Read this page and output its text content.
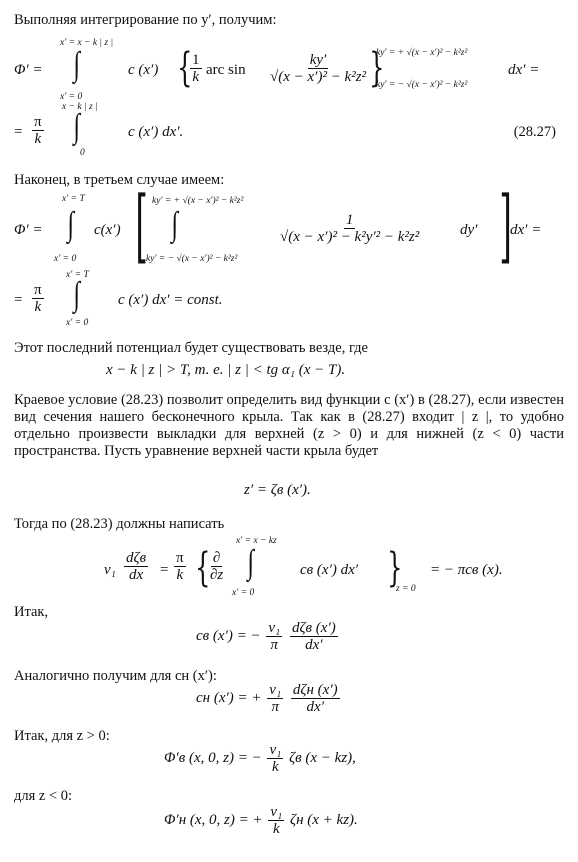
Выполняя интегрирование по y′, получим:
Φ′ =
x′ = x − k | z |
∫
x′ = 0
c (x′) {
$\frac{1}{k}$ arc $\sin \frac{ky'}{\text{√(x − x′)² − k²z²}}$ }
ky′ = + √(x − x′)² − k²z²
ky′ = − √(x − x′)² − k²z²
dx′ =
= $\frac{\pi}{k}$
x − k | z |
∫
0
c (x′) dx′.	(28.27)
Наконец, в третьем случае имеем:
Φ′ =
x′ = T
∫
x′ = 0
c(x′) [ ky′ = + √(x − x′)² − k²z²
∫
ky′ = − √(x − x′)² − k²z²
$\frac{1}{\text{√(x − x′)² − k²y′² − k²z²}}$	dy′ ]
dx′ =
= $\frac{\pi}{k}$
x′ = T
∫
x′ = 0
c (x′) dx′ = const.
Этот последний потенциал будет существовать везде, где
x − k | z | > T, т. е. | z | < tg α₁ (x − T).
Краевое условие (28.23) позволит определить вид функции c (x′) в (28.27), если известен вид сечения нашего бесконечного крыла. Так как в (28.27) входит | z |, то удобно отдельно произвести выкладки для верхней (z > 0) и для нижней (z < 0) части пространства. Пусть уравнение верхней части крыла будет
z′ = ζв (x′).
Тогда по (28.23) должны написать
$v_1 \frac{\text{dζв}}{dx} = \frac{\pi}{k}$ {
$\frac{\partial}{\partial z}$
x′ = x − kz
∫
x′ = 0
cв (x′) dx′ }
z = 0
= − πcв (x).
Итак,
cв (x′) = − $\frac{\text{v₁}}{\pi}$
$\frac{\text{dζв (x′)}}{dx'}$
Аналогично получим для cн (x′):
cн (x′) = + $\frac{\text{v₁}}{\pi}$
$\frac{\text{dζн (x′)}}{dx'}$
Итак, для z > 0:
Φ′в (x, 0, z) = − $\frac{\text{v₁}}{k}$ ζв (x − kz),
для z < 0:
Φ′н (x, 0, z) = + $\frac{\text{v₁}}{k}$ ζн (x + kz).
